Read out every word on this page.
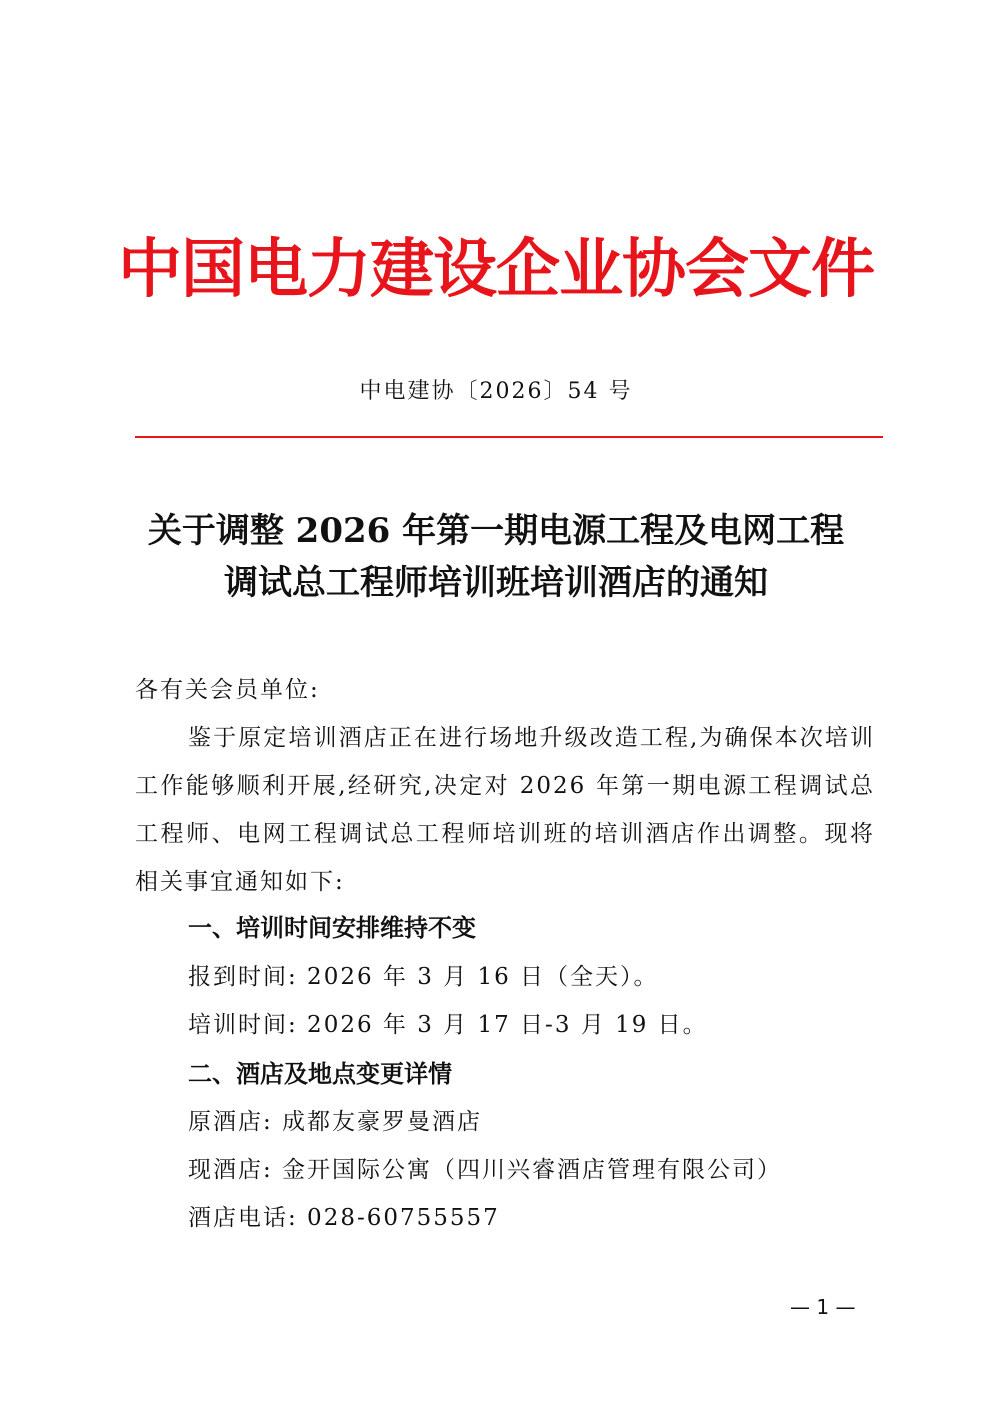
中国电力建设企业协会文件
中电建协〔2026〕54 号
关于调整 2026 年第一期电源工程及电网工程
调试总工程师培训班培训酒店的通知
各有关会员单位:
鉴于原定培训酒店正在进行场地升级改造工程,为确保本次培训工作能够顺利开展,经研究,决定对 2026 年第一期电源工程调试总工程师、电网工程调试总工程师培训班的培训酒店作出调整。现将相关事宜通知如下:
一、培训时间安排维持不变
报到时间: 2026 年 3 月 16 日（全天）。
培训时间: 2026 年 3 月 17 日-3 月 19 日。
二、酒店及地点变更详情
原酒店: 成都友豪罗曼酒店
现酒店: 金开国际公寓（四川兴睿酒店管理有限公司）
酒店电话: 028-60755557
— 1 —
